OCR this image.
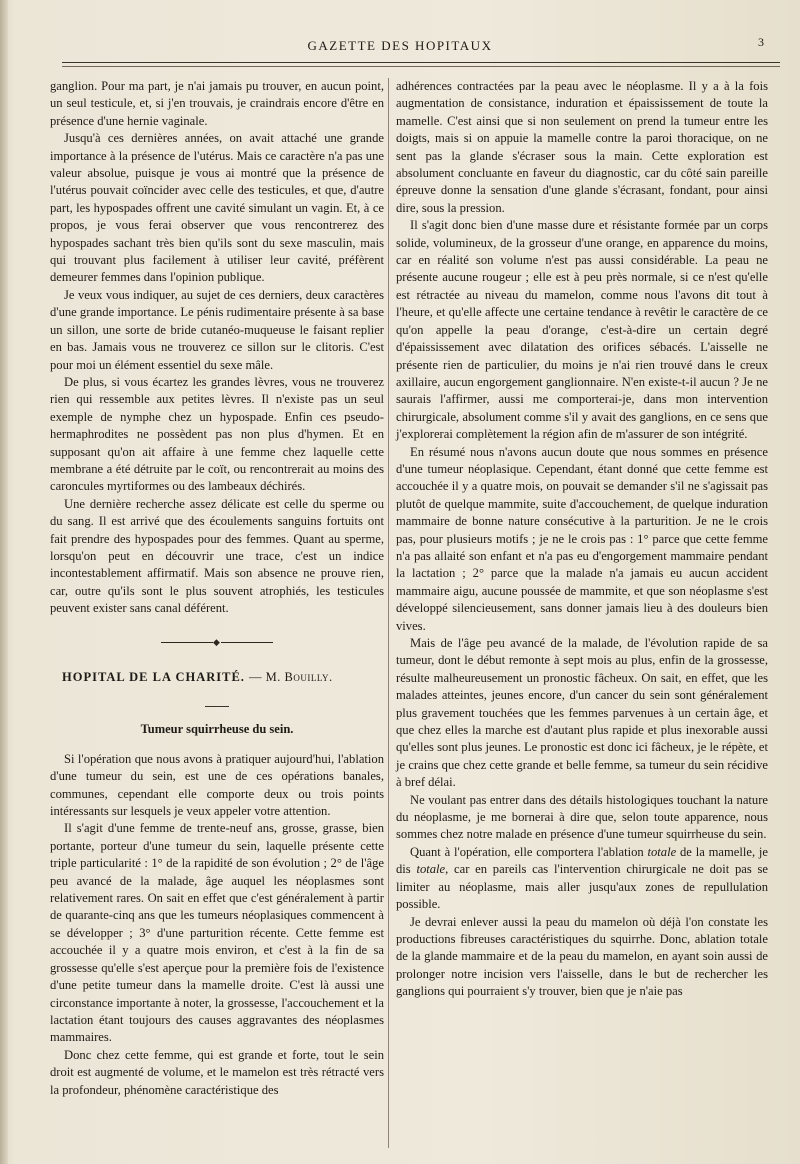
GAZETTE DES HOPITAUX	3

ganglion. Pour ma part, je n'ai jamais pu trouver, en aucun point, un seul testicule, et, si j'en trouvais, je craindrais encore d'être en présence d'une hernie vaginale.

Jusqu'à ces dernières années, on avait attaché une grande importance à la présence de l'utérus. Mais ce caractère n'a pas une valeur absolue, puisque je vous ai montré que la présence de l'utérus pouvait coïncider avec celle des testicules, et que, d'autre part, les hypospades offrent une cavité simulant un vagin. Et, à ce propos, je vous ferai observer que vous rencontrerez des hypospades sachant très bien qu'ils sont du sexe masculin, mais qui trouvant plus facilement à utiliser leur cavité, préfèrent demeurer femmes dans l'opinion publique.

Je veux vous indiquer, au sujet de ces derniers, deux caractères d'une grande importance. Le pénis rudimentaire présente à sa base un sillon, une sorte de bride cutanéo-muqueuse le faisant replier en bas. Jamais vous ne trouverez ce sillon sur le clitoris. C'est pour moi un élément essentiel du sexe mâle.

De plus, si vous écartez les grandes lèvres, vous ne trouverez rien qui ressemble aux petites lèvres. Il n'existe pas un seul exemple de nymphe chez un hypospade. Enfin ces pseudo-hermaphrodites ne possèdent pas non plus d'hymen. Et en supposant qu'on ait affaire à une femme chez laquelle cette membrane a été détruite par le coït, ou rencontrerait au moins des caroncules myrtiformes ou des lambeaux déchirés.

Une dernière recherche assez délicate est celle du sperme ou du sang. Il est arrivé que des écoulements sanguins fortuits ont fait prendre des hypospades pour des femmes. Quant au sperme, lorsqu'on peut en découvrir une trace, c'est un indice incontestablement affirmatif. Mais son absence ne prouve rien, car, outre qu'ils sont le plus souvent atrophiés, les testicules peuvent exister sans canal déférent.

◆
HOPITAL DE LA CHARITÉ. — M. Bouilly.
Tumeur squirrheuse du sein.

Si l'opération que nous avons à pratiquer aujourd'hui, l'ablation d'une tumeur du sein, est une de ces opérations banales, communes, cependant elle comporte deux ou trois points intéressants sur lesquels je veux appeler votre attention.

Il s'agit d'une femme de trente-neuf ans, grosse, grasse, bien portante, porteur d'une tumeur du sein, laquelle présente cette triple particularité : 1° de la rapidité de son évolution ; 2° de l'âge peu avancé de la malade, âge auquel les néoplasmes sont relativement rares. On sait en effet que c'est généralement à partir de quarante-cinq ans que les tumeurs néoplasiques commencent à se développer ; 3° d'une parturition récente. Cette femme est accouchée il y a quatre mois environ, et c'est à la fin de sa grossesse qu'elle s'est aperçue pour la première fois de l'existence d'une petite tumeur dans la mamelle droite. C'est là aussi une circonstance importante à noter, la grossesse, l'accouchement et la lactation étant toujours des causes aggravantes des néoplasmes mammaires.

Donc chez cette femme, qui est grande et forte, tout le sein droit est augmenté de volume, et le mamelon est très rétracté vers la profondeur, phénomène caractéristique des

adhérences contractées par la peau avec le néoplasme. Il y a à la fois augmentation de consistance, induration et épaississement de toute la mamelle. C'est ainsi que si non seulement on prend la tumeur entre les doigts, mais si on appuie la mamelle contre la paroi thoracique, on ne sent pas la glande s'écraser sous la main. Cette exploration est absolument concluante en faveur du diagnostic, car du côté sain pareille épreuve donne la sensation d'une glande s'écrasant, fondant, pour ainsi dire, sous la pression.

Il s'agit donc bien d'une masse dure et résistante formée par un corps solide, volumineux, de la grosseur d'une orange, en apparence du moins, car en réalité son volume n'est pas aussi considérable. La peau ne présente aucune rougeur ; elle est à peu près normale, si ce n'est qu'elle est rétractée au niveau du mamelon, comme nous l'avons dit tout à l'heure, et qu'elle affecte une certaine tendance à revêtir le caractère de ce qu'on appelle la peau d'orange, c'est-à-dire un certain degré d'épaississement avec dilatation des orifices sébacés. L'aisselle ne présente rien de particulier, du moins je n'ai rien trouvé dans le creux axillaire, aucun engorgement ganglionnaire. N'en existe-t-il aucun ? Je ne saurais l'affirmer, aussi me comporterai-je, dans mon intervention chirurgicale, absolument comme s'il y avait des ganglions, en ce sens que j'explorerai complètement la région afin de m'assurer de son intégrité.

En résumé nous n'avons aucun doute que nous sommes en présence d'une tumeur néoplasique. Cependant, étant donné que cette femme est accouchée il y a quatre mois, on pouvait se demander s'il ne s'agissait pas plutôt de quelque mammite, suite d'accouchement, de quelque induration mammaire de bonne nature consécutive à la parturition. Je ne le crois pas, pour plusieurs motifs ; je ne le crois pas : 1° parce que cette femme n'a pas allaité son enfant et n'a pas eu d'engorgement mammaire pendant la lactation ; 2° parce que la malade n'a jamais eu aucun accident mammaire aigu, aucune poussée de mammite, et que son néoplasme s'est développé silencieusement, sans donner jamais lieu à des douleurs bien vives.

Mais de l'âge peu avancé de la malade, de l'évolution rapide de sa tumeur, dont le début remonte à sept mois au plus, enfin de la grossesse, résulte malheureusement un pronostic fâcheux. On sait, en effet, que les malades atteintes, jeunes encore, d'un cancer du sein sont généralement plus gravement touchées que les femmes parvenues à un certain âge, et que chez elles la marche est d'autant plus rapide et plus inexorable aussi qu'elles sont plus jeunes. Le pronostic est donc ici fâcheux, je le répète, et je crains que chez cette grande et belle femme, sa tumeur du sein récidive à bref délai.

Ne voulant pas entrer dans des détails histologiques touchant la nature du néoplasme, je me bornerai à dire que, selon toute apparence, nous sommes chez notre malade en présence d'une tumeur squirrheuse du sein.

Quant à l'opération, elle comportera l'ablation totale de la mamelle, je dis totale, car en pareils cas l'intervention chirurgicale ne doit pas se limiter au néoplasme, mais aller jusqu'aux zones de repullulation possible.

Je devrai enlever aussi la peau du mamelon où déjà l'on constate les productions fibreuses caractéristiques du squirrhe. Donc, ablation totale de la glande mammaire et de la peau du mamelon, en ayant soin aussi de prolonger notre incision vers l'aisselle, dans le but de rechercher les ganglions qui pourraient s'y trouver, bien que je n'aie pas
